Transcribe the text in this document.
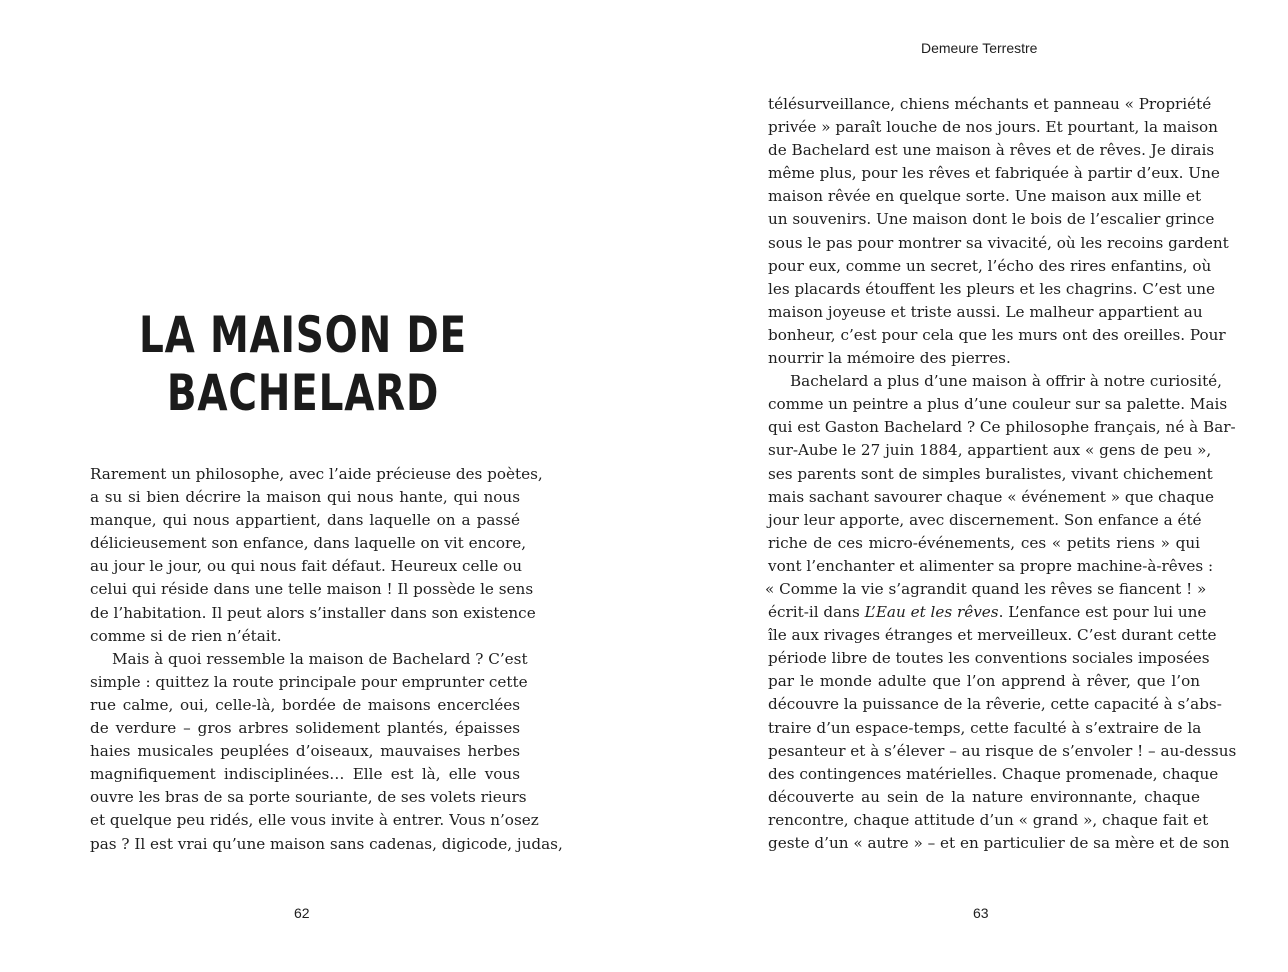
LA MAISON DE
BACHELARD
Rarement un philosophe, avec l’aide précieuse des poètes,
a su si bien décrire la maison qui nous hante, qui nous
manque, qui nous appartient, dans laquelle on a passé
délicieusement son enfance, dans laquelle on vit encore,
au jour le jour, ou qui nous fait défaut. Heureux celle ou
celui qui réside dans une telle maison ! Il possède le sens
de l’habitation. Il peut alors s’installer dans son existence
comme si de rien n’était.
Mais à quoi ressemble la maison de Bachelard ? C’est
simple : quittez la route principale pour emprunter cette
rue calme, oui, celle-là, bordée de maisons encerclées
de verdure – gros arbres solidement plantés, épaisses
haies musicales peuplées d’oiseaux, mauvaises herbes
magnifiquement indisciplinées… Elle est là, elle vous
ouvre les bras de sa porte souriante, de ses volets rieurs
et quelque peu ridés, elle vous invite à entrer. Vous n’osez
pas ? Il est vrai qu’une maison sans cadenas, digicode, judas,
62
Demeure Terrestre
télésurveillance, chiens méchants et panneau « Propriété
privée » paraît louche de nos jours. Et pourtant, la maison
de Bachelard est une maison à rêves et de rêves. Je dirais
même plus, pour les rêves et fabriquée à partir d’eux. Une
maison rêvée en quelque sorte. Une maison aux mille et
un souvenirs. Une maison dont le bois de l’escalier grince
sous le pas pour montrer sa vivacité, où les recoins gardent
pour eux, comme un secret, l’écho des rires enfantins, où
les placards étouffent les pleurs et les chagrins. C’est une
maison joyeuse et triste aussi. Le malheur appartient au
bonheur, c’est pour cela que les murs ont des oreilles. Pour
nourrir la mémoire des pierres.
Bachelard a plus d’une maison à offrir à notre curiosité,
comme un peintre a plus d’une couleur sur sa palette. Mais
qui est Gaston Bachelard ? Ce philosophe français, né à Bar-
sur-Aube le 27 juin 1884, appartient aux « gens de peu »,
ses parents sont de simples buralistes, vivant chichement
mais sachant savourer chaque « événement » que chaque
jour leur apporte, avec discernement. Son enfance a été
riche de ces micro-événements, ces « petits riens » qui
vont l’enchanter et alimenter sa propre machine-à-rêves :
« Comme la vie s’agrandit quand les rêves se fiancent ! »
écrit-il dans L’Eau et les rêves. L’enfance est pour lui une
île aux rivages étranges et merveilleux. C’est durant cette
période libre de toutes les conventions sociales imposées
par le monde adulte que l’on apprend à rêver, que l’on
découvre la puissance de la rêverie, cette capacité à s’abs-
traire d’un espace-temps, cette faculté à s’extraire de la
pesanteur et à s’élever – au risque de s’envoler ! – au-dessus
des contingences matérielles. Chaque promenade, chaque
découverte au sein de la nature environnante, chaque
rencontre, chaque attitude d’un « grand », chaque fait et
geste d’un « autre » – et en particulier de sa mère et de son
63
